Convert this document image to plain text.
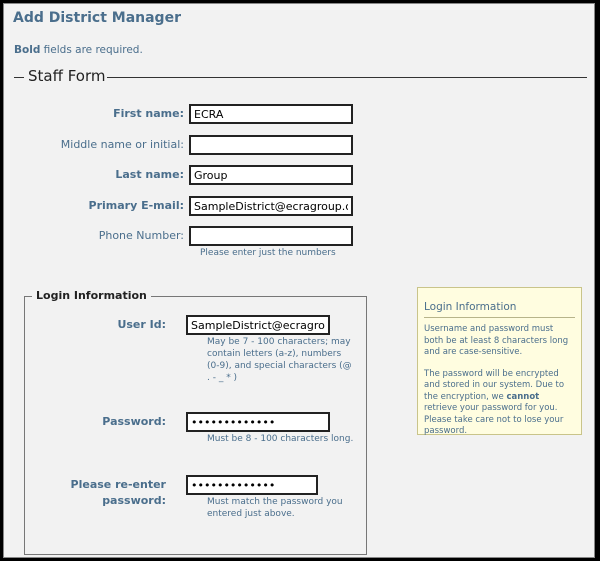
Add District Manager
Bold fields are required.
Staff Form
First name:
ECRA
Middle name or initial:
Last name:
Group
Primary E-mail:
SampleDistrict@ecragroup.com
Phone Number:
Please enter just the numbers
Login Information
User Id:
SampleDistrict@ecragroup.cc
May be 7 - 100 characters; may contain letters (a-z), numbers (0-9), and special characters (@ . - _ * )
Password:
•••••••••••••
Must be 8 - 100 characters long.
Please re-enter
password:
•••••••••••••	Must match the password you entered just above.
Login Information
Username and password must both be at least 8 characters long and are case-sensitive.
The password will be encrypted and stored in our system. Due to the encryption, we cannot retrieve your password for you. Please take care not to lose your password.
